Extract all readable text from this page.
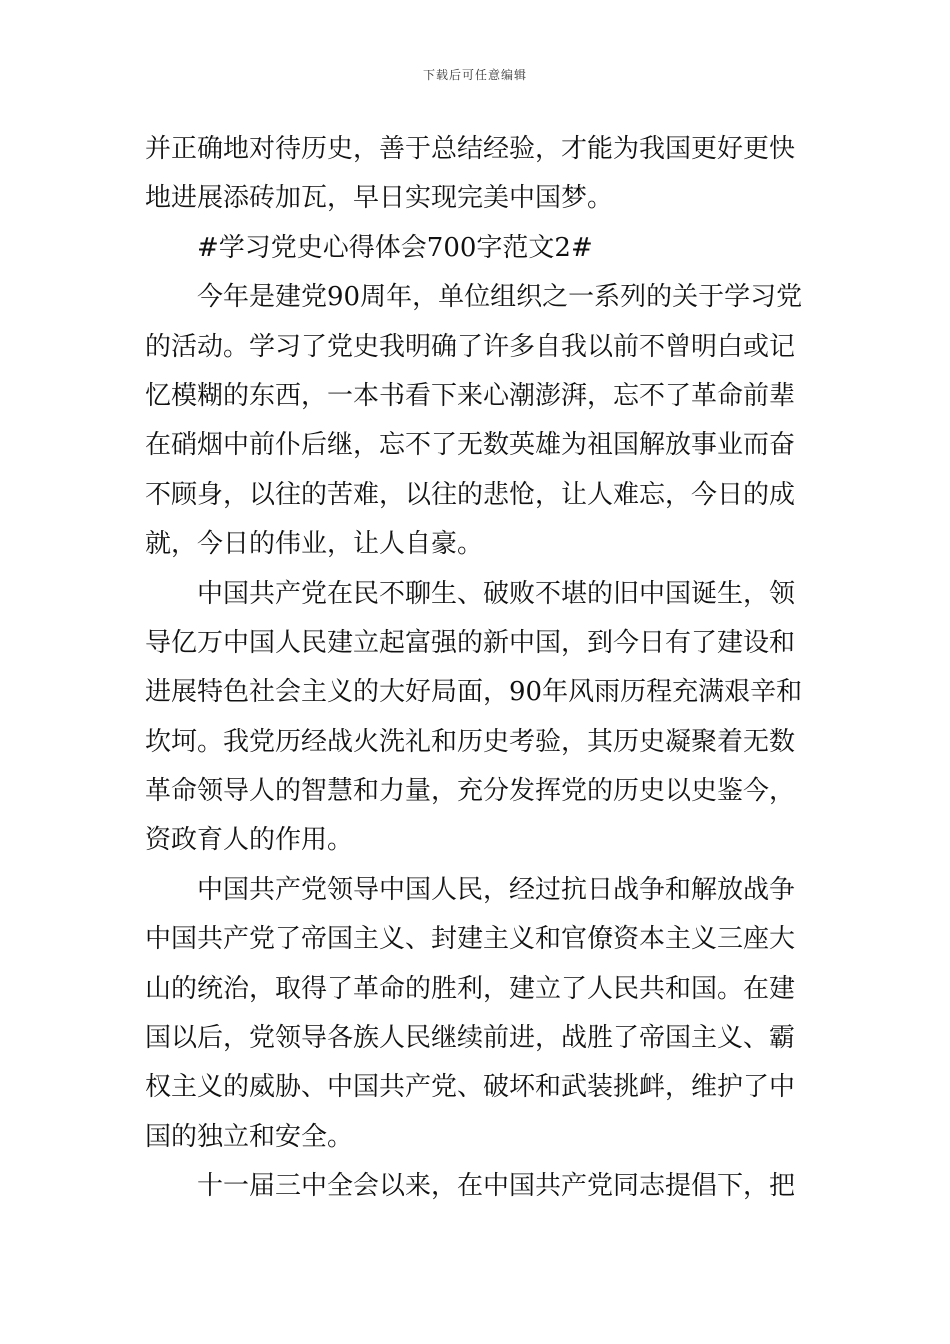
下载后可任意编辑
并正确地对待历史，善于总结经验，才能为我国更好更快
地进展添砖加瓦，早日实现完美中国梦。
#学习党史心得体会700字范文2#
今年是建党90周年，单位组织之一系列的关于学习党
的活动。学习了党史我明确了许多自我以前不曾明白或记
忆模糊的东西，一本书看下来心潮澎湃，忘不了革命前辈
在硝烟中前仆后继，忘不了无数英雄为祖国解放事业而奋
不顾身，以往的苦难，以往的悲怆，让人难忘，今日的成
就，今日的伟业，让人自豪。
中国共产党在民不聊生、破败不堪的旧中国诞生，领
导亿万中国人民建立起富强的新中国，到今日有了建设和
进展特色社会主义的大好局面，90年风雨历程充满艰辛和
坎坷。我党历经战火洗礼和历史考验，其历史凝聚着无数
革命领导人的智慧和力量，充分发挥党的历史以史鉴今，
资政育人的作用。
中国共产党领导中国人民，经过抗日战争和解放战争
中国共产党了帝国主义、封建主义和官僚资本主义三座大
山的统治，取得了革命的胜利，建立了人民共和国。在建
国以后，党领导各族人民继续前进，战胜了帝国主义、霸
权主义的威胁、中国共产党、破坏和武装挑衅，维护了中
国的独立和安全。
十一届三中全会以来，在中国共产党同志提倡下，把
